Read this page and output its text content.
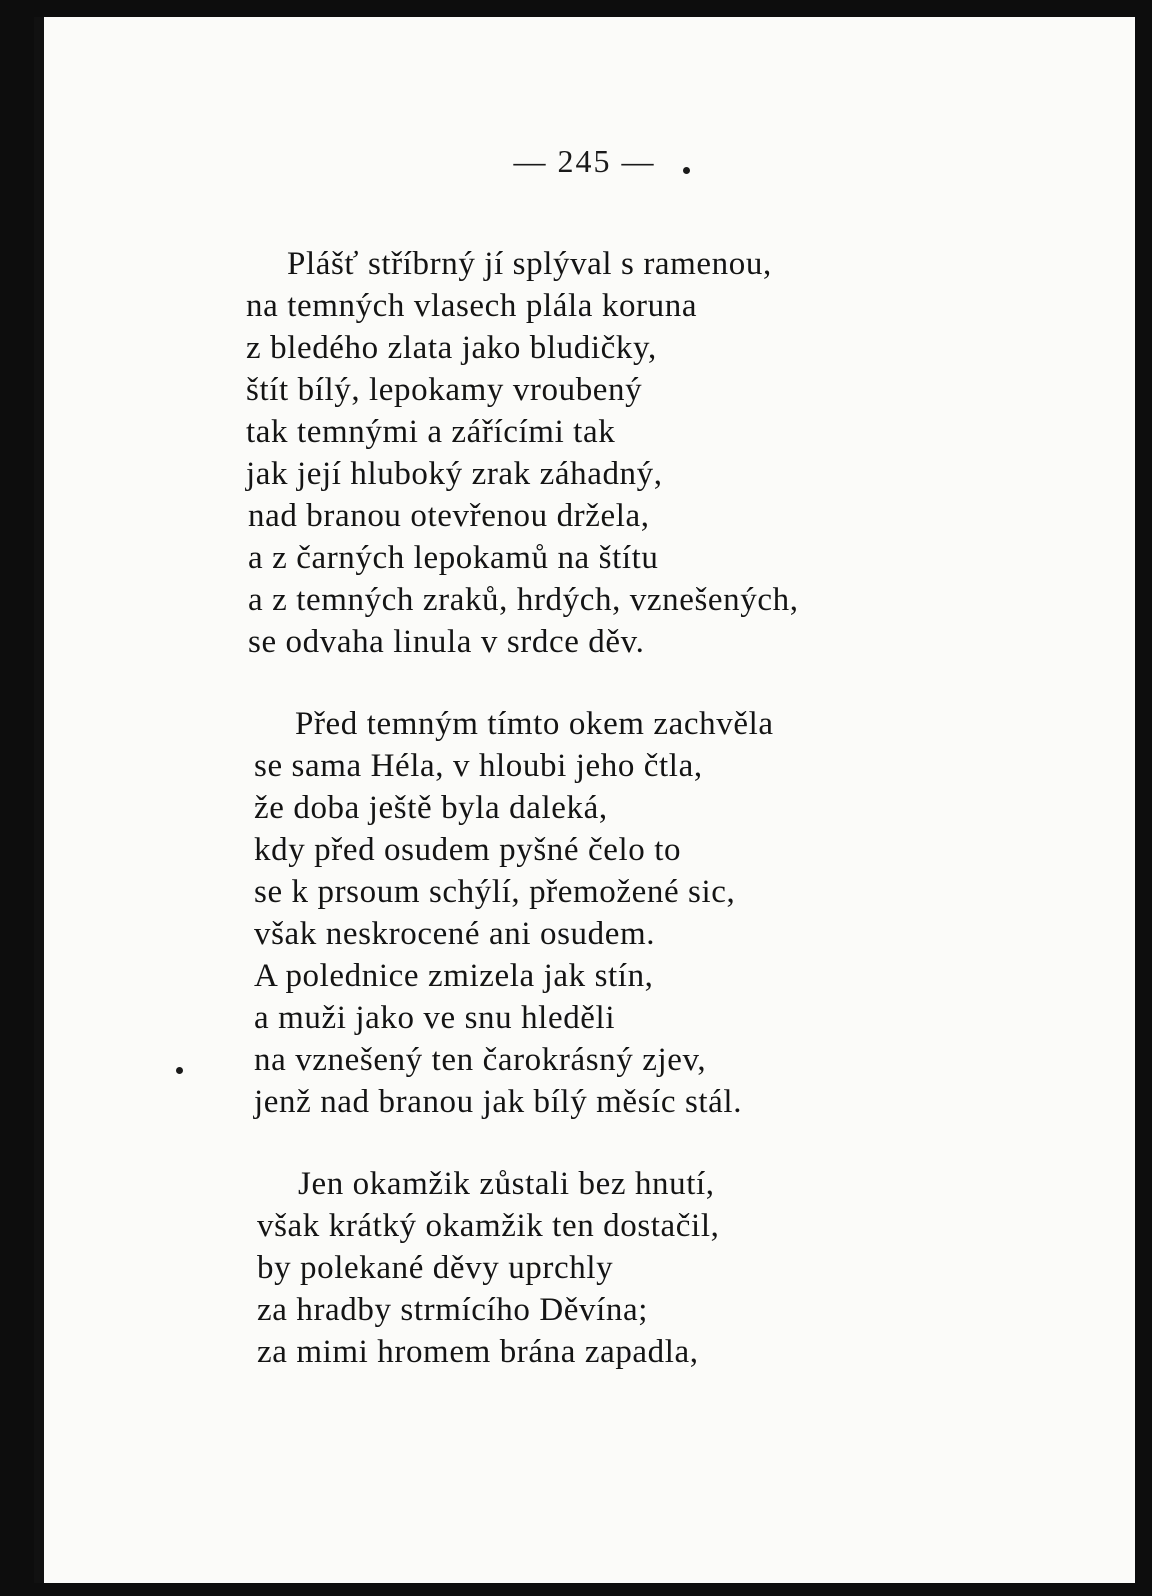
— 245 —
Plášť stříbrný jí splýval s ramenou,
na temných vlasech plála koruna
z bledého zlata jako bludičky,
štít bílý, lepokamy vroubený
tak temnými a zářícími tak
jak její hluboký zrak záhadný,
nad branou otevřenou držela,
a z čarných lepokamů na štítu
a z temných zraků, hrdých, vznešených,
se odvaha linula v srdce děv.
Před temným tímto okem zachvěla
se sama Héla, v hloubi jeho čtla,
že doba ještě byla daleká,
kdy před osudem pyšné čelo to
se k prsoum schýlí, přemožené sic,
však neskrocené ani osudem.
A polednice zmizela jak stín,
a muži jako ve snu hleděli
na vznešený ten čarokrásný zjev,
jenž nad branou jak bílý měsíc stál.
Jen okamžik zůstali bez hnutí,
však krátký okamžik ten dostačil,
by polekané děvy uprchly
za hradby strmícího Děvína;
za mimi hromem brána zapadla,
